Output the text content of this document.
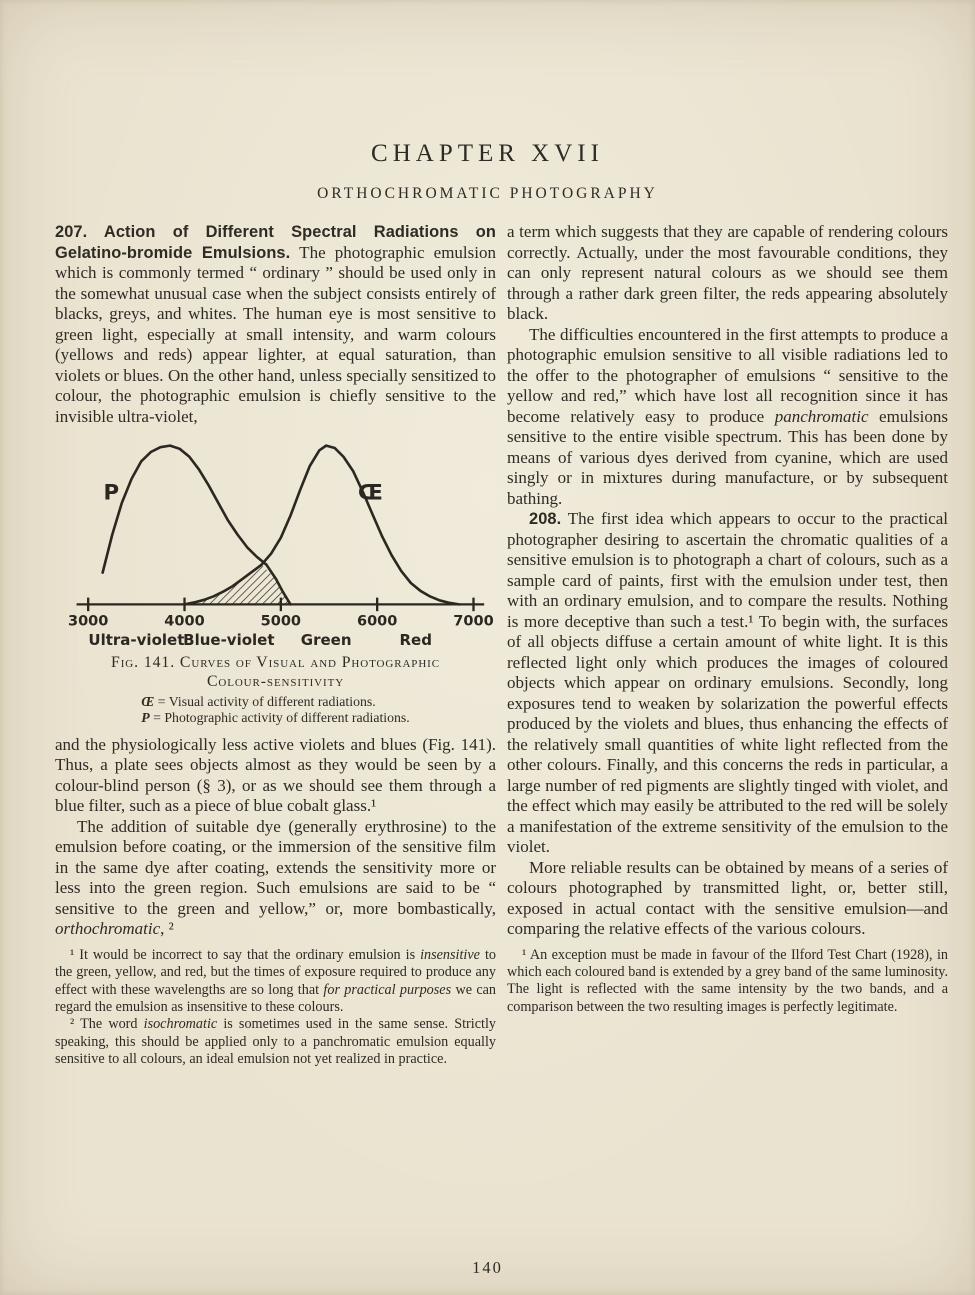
CHAPTER XVII
ORTHOCHROMATIC PHOTOGRAPHY

207. Action of Different Spectral Radiations on Gelatino-bromide Emulsions. The photographic emulsion which is commonly termed “ ordinary ” should be used only in the somewhat unusual case when the subject consists entirely of blacks, greys, and whites. The human eye is most sensitive to green light, especially at small intensity, and warm colours (yellows and reds) appear lighter, at equal saturation, than violets or blues. On the other hand, unless specially sensitized to colour, the photographic emulsion is chiefly sensitive to the invisible ultra-violet,

P	Œ
3000	4000	5000	6000	7000
Ultra-violet
Blue-violet Green	Red
Fig. 141. Curves of Visual and Photographic
Colour-sensitivity
Œ = Visual activity of different radiations.
P = Photographic activity of different radiations.

and the physiologically less active violets and blues (Fig. 141). Thus, a plate sees objects almost as they would be seen by a colour-blind person (§ 3), or as we should see them through a blue filter, such as a piece of blue cobalt glass.¹

The addition of suitable dye (generally erythrosine) to the emulsion before coating, or the immersion of the sensitive film in the same dye after coating, extends the sensitivity more or less into the green region. Such emulsions are said to be “ sensitive to the green and yellow,” or, more bombastically, orthochromatic, ²

¹ It would be incorrect to say that the ordinary emulsion is insensitive to the green, yellow, and red, but the times of exposure required to produce any effect with these wavelengths are so long that for practical purposes we can regard the emulsion as insensitive to these colours.

² The word isochromatic is sometimes used in the same sense. Strictly speaking, this should be applied only to a panchromatic emulsion equally sensitive to all colours, an ideal emulsion not yet realized in practice.

a term which suggests that they are capable of rendering colours correctly. Actually, under the most favourable conditions, they can only represent natural colours as we should see them through a rather dark green filter, the reds appearing absolutely black.

The difficulties encountered in the first attempts to produce a photographic emulsion sensitive to all visible radiations led to the offer to the photographer of emulsions “ sensitive to the yellow and red,” which have lost all recognition since it has become relatively easy to produce panchromatic emulsions sensitive to the entire visible spectrum. This has been done by means of various dyes derived from cyanine, which are used singly or in mixtures during manufacture, or by subsequent bathing.

208. The first idea which appears to occur to the practical photographer desiring to ascertain the chromatic qualities of a sensitive emulsion is to photograph a chart of colours, such as a sample card of paints, first with the emulsion under test, then with an ordinary emulsion, and to compare the results. Nothing is more deceptive than such a test.¹ To begin with, the surfaces of all objects diffuse a certain amount of white light. It is this reflected light only which produces the images of coloured objects which appear on ordinary emulsions. Secondly, long exposures tend to weaken by solarization the powerful effects produced by the violets and blues, thus enhancing the effects of the relatively small quantities of white light reflected from the other colours. Finally, and this concerns the reds in particular, a large number of red pigments are slightly tinged with violet, and the effect which may easily be attributed to the red will be solely a manifestation of the extreme sensitivity of the emulsion to the violet.

More reliable results can be obtained by means of a series of colours photographed by transmitted light, or, better still, exposed in actual contact with the sensitive emulsion—and comparing the relative effects of the various colours.

¹ An exception must be made in favour of the Ilford Test Chart (1928), in which each coloured band is extended by a grey band of the same luminosity. The light is reflected with the same intensity by the two bands, and a comparison between the two resulting images is perfectly legitimate.

140
